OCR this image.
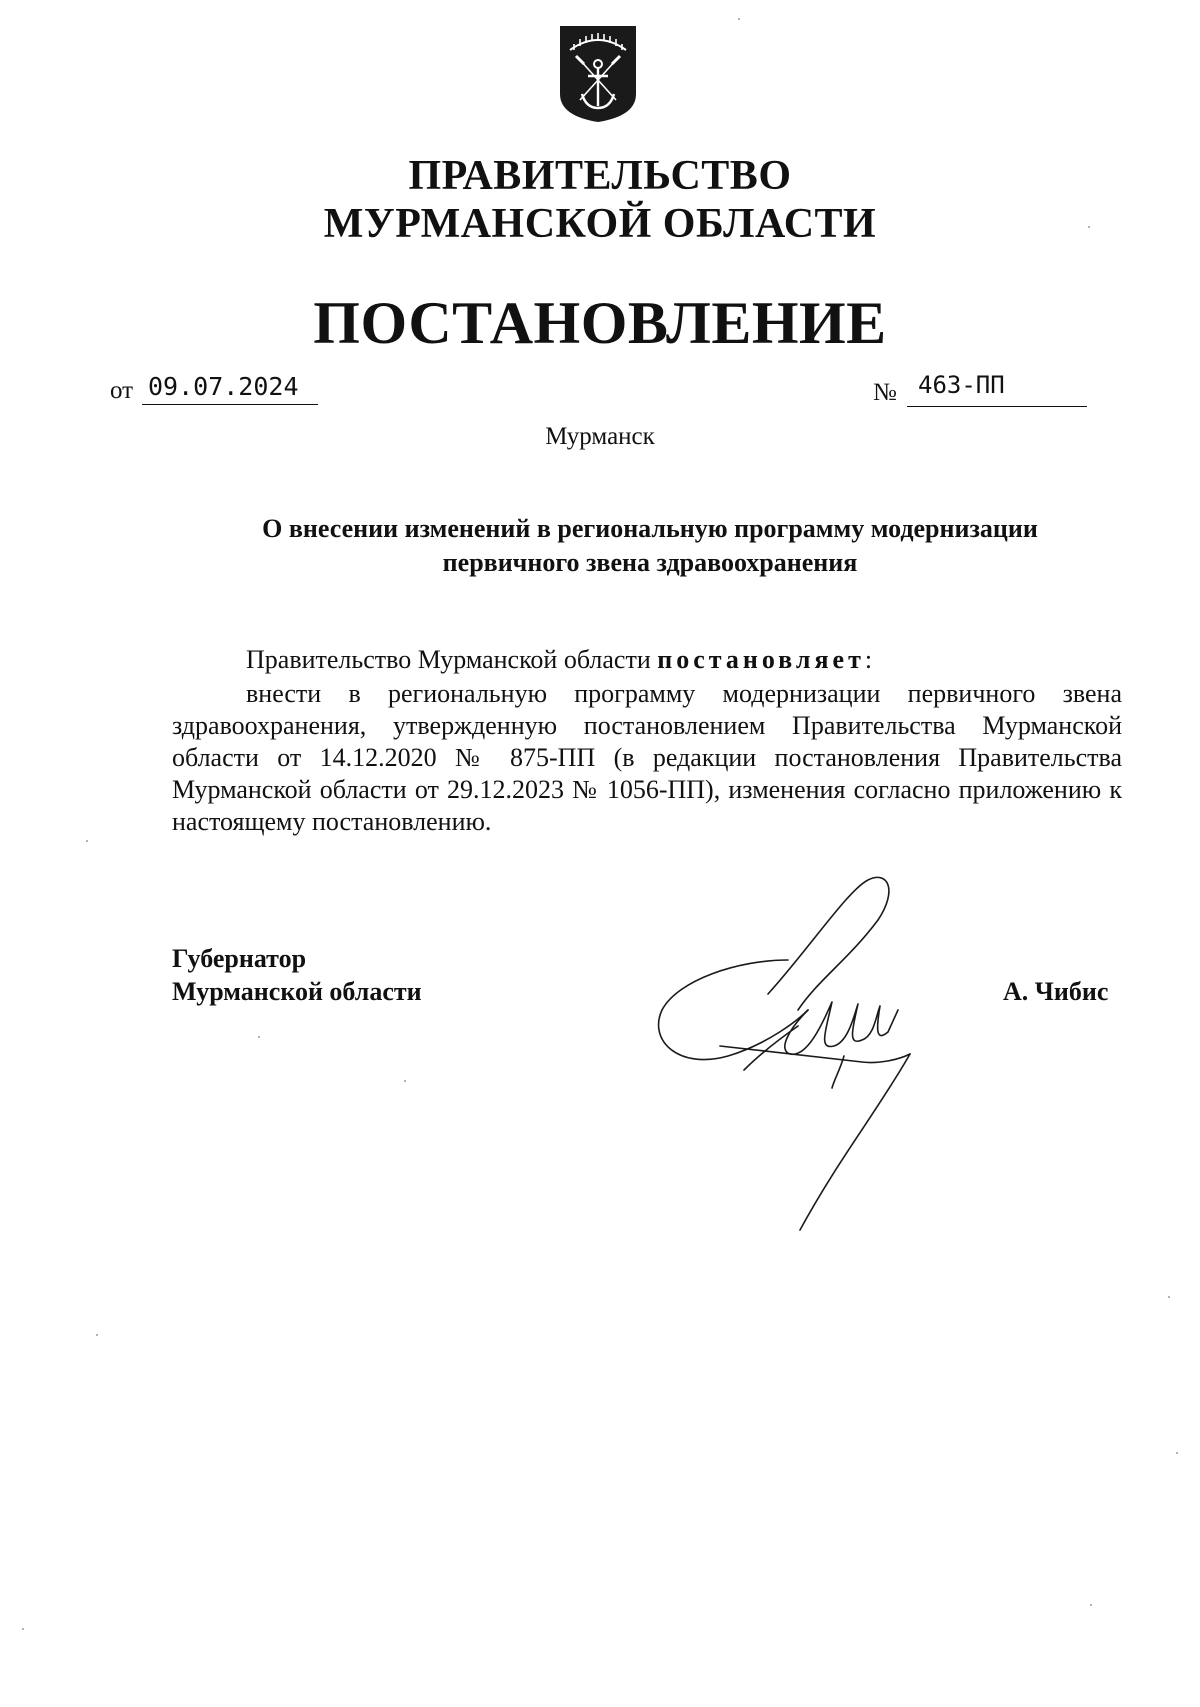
ПРАВИТЕЛЬСТВО
МУРМАНСКОЙ ОБЛАСТИ
ПОСТАНОВЛЕНИЕ
от 09.07.2024	№ 463-ПП
Мурманск
О внесении изменений в региональную программу модернизации
первичного звена здравоохранения
Правительство Мурманской области постановляет:
внести в региональную программу модернизации первичного звена здравоохранения, утвержденную постановлением Правительства Мурманской области от 14.12.2020 № 875-ПП (в редакции постановления Правительства Мурманской области от 29.12.2023 № 1056-ПП), изменения согласно приложению к настоящему постановлению.
Губернатор
Мурманской области	А. Чибис
